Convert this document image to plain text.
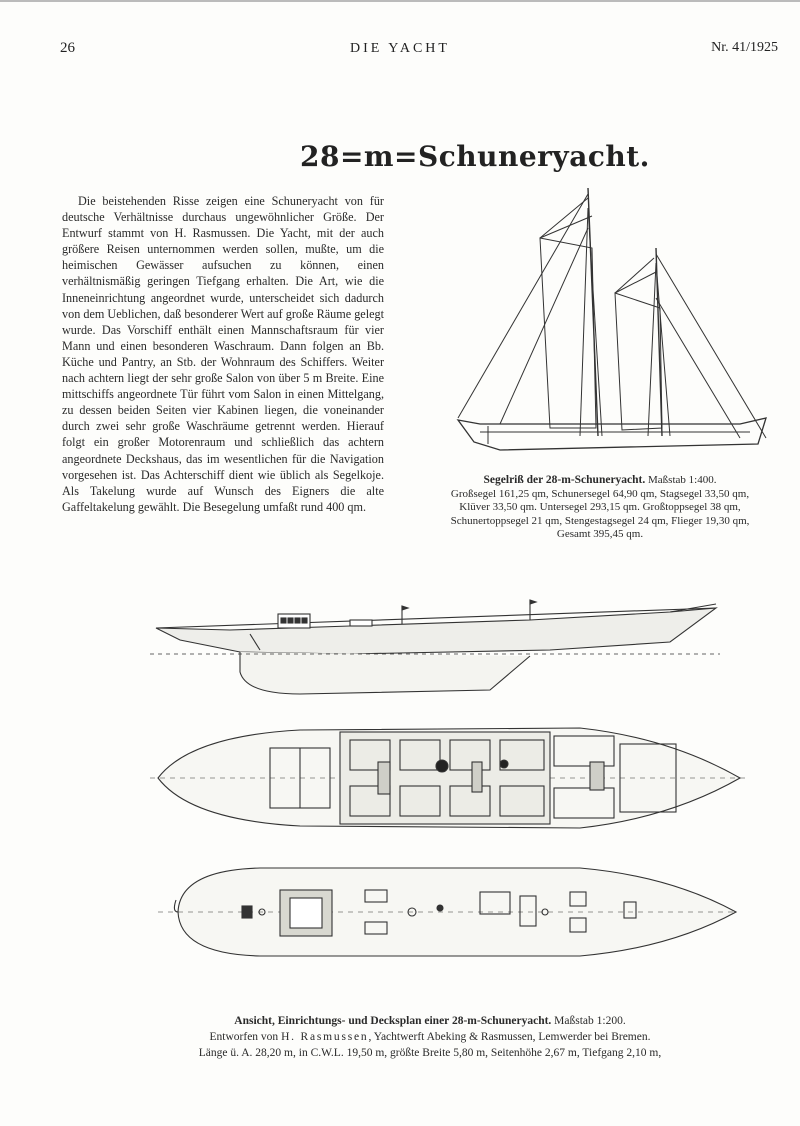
26	DIE YACHT	Nr. 41/1925
28=m=Schuneryacht.
Die beistehenden Risse zeigen eine Schuneryacht von für deutsche Verhältnisse durchaus ungewöhnlicher Größe. Der Entwurf stammt von H. Rasmussen. Die Yacht, mit der auch größere Reisen unternommen werden sollen, mußte, um die heimischen Gewässer aufsuchen zu können, einen verhältnismäßig geringen Tiefgang erhalten. Die Art, wie die Inneneinrichtung angeordnet wurde, unterscheidet sich dadurch von dem Ueblichen, daß besonderer Wert auf große Räume gelegt wurde. Das Vorschiff enthält einen Mannschaftsraum für vier Mann und einen besonderen Waschraum. Dann folgen an Bb. Küche und Pantry, an Stb. der Wohnraum des Schiffers. Weiter nach achtern liegt der sehr große Salon von über 5 m Breite. Eine mittschiffs angeordnete Tür führt vom Salon in einen Mittelgang, zu dessen beiden Seiten vier Kabinen liegen, die voneinander durch zwei sehr große Waschräume getrennt werden. Hierauf folgt ein großer Motorenraum und schließlich das achtern angeordnete Deckshaus, das im wesentlichen für die Navigation vorgesehen ist. Das Achterschiff dient wie üblich als Segelkoje. Als Takelung wurde auf Wunsch des Eigners die alte Gaffeltakelung gewählt. Die Besegelung umfaßt rund 400 qm.

Segelriß der 28-m-Schuneryacht. Maßstab 1:400.

Großsegel 161,25 qm, Schunersegel 64,90 qm, Stagsegel 33,50 qm,

Klüver 33,50 qm. Untersegel 293,15 qm. Großtoppsegel 38 qm,

Schunertoppsegel 21 qm, Stengestagsegel 24 qm, Flieger 19,30 qm,

Gesamt 395,45 qm.

Ansicht, Einrichtungs- und Decksplan einer 28-m-Schuneryacht. Maßstab 1:200.

Entworfen von H. Rasmussen, Yachtwerft Abeking & Rasmussen, Lemwerder bei Bremen.

Länge ü. A. 28,20 m, in C.W.L. 19,50 m, größte Breite 5,80 m, Seitenhöhe 2,67 m, Tiefgang 2,10 m,
